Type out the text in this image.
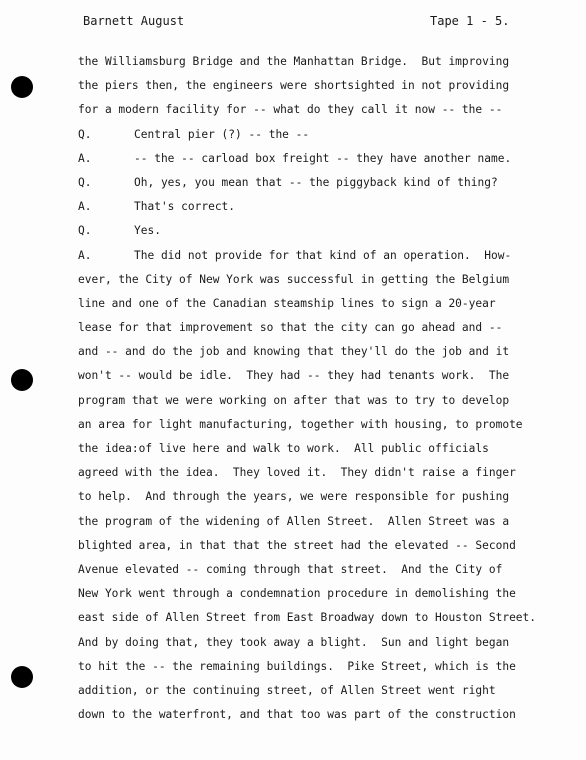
Barnett August	Tape 1 - 5.
the Williamsburg Bridge and the Manhattan Bridge.  But improving
the piers then, the engineers were shortsighted in not providing
for a modern facility for -- what do they call it now -- the --
Q.	Central pier (?) -- the --
A.	-- the -- carload box freight -- they have another name.
Q.	Oh, yes, you mean that -- the piggyback kind of thing?
A.	That's correct.
Q.	Yes.
A.	The did not provide for that kind of an operation.  How-
ever, the City of New York was successful in getting the Belgium
line and one of the Canadian steamship lines to sign a 20-year
lease for that improvement so that the city can go ahead and --
and -- and do the job and knowing that they'll do the job and it
won't -- would be idle.  They had -- they had tenants work.  The
program that we were working on after that was to try to develop
an area for light manufacturing, together with housing, to promote
the idea:of live here and walk to work.  All public officials
agreed with the idea.  They loved it.  They didn't raise a finger
to help.  And through the years, we were responsible for pushing
the program of the widening of Allen Street.  Allen Street was a
blighted area, in that that the street had the elevated -- Second
Avenue elevated -- coming through that street.  And the City of
New York went through a condemnation procedure in demolishing the
east side of Allen Street from East Broadway down to Houston Street.
And by doing that, they took away a blight.  Sun and light began
to hit the -- the remaining buildings.  Pike Street, which is the
addition, or the continuing street, of Allen Street went right
down to the waterfront, and that too was part of the construction
